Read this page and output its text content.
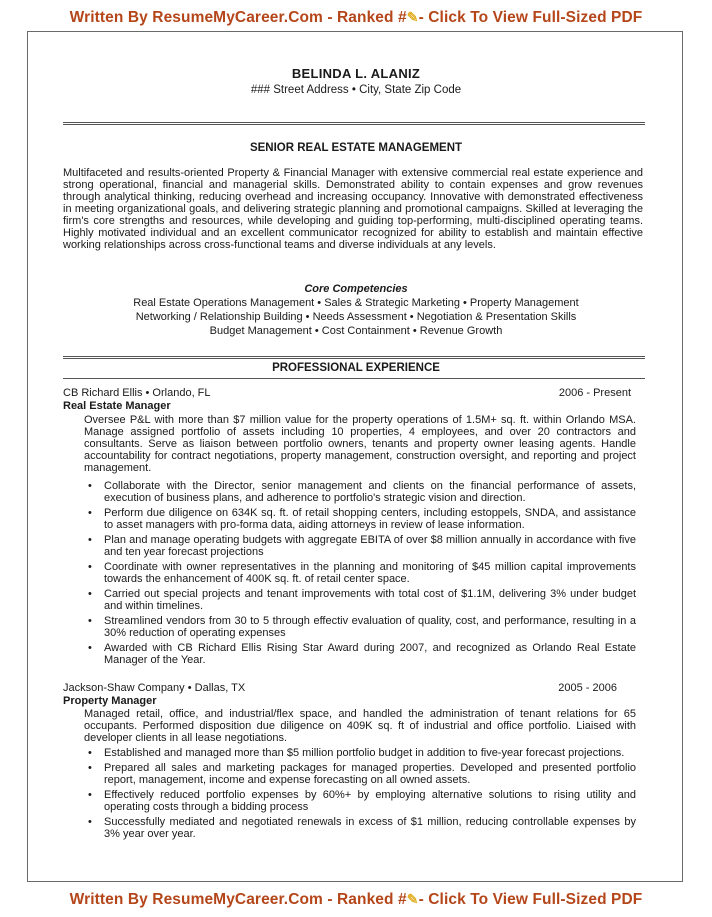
Written By ResumeMyCareer.Com - Ranked #✎- Click To View Full-Sized PDF
BELINDA L. ALANIZ
### Street Address • City, State Zip Code
SENIOR REAL ESTATE MANAGEMENT

Multifaceted and results-oriented Property & Financial Manager with extensive commercial real estate experience and strong operational, financial and managerial skills. Demonstrated ability to contain expenses and grow revenues through analytical thinking, reducing overhead and increasing occupancy. Innovative with demonstrated effectiveness in meeting organizational goals, and delivering strategic planning and promotional campaigns. Skilled at leveraging the firm's core strengths and resources, while developing and guiding top-performing, multi-disciplined operating teams. Highly motivated individual and an excellent communicator recognized for ability to establish and maintain effective working relationships across cross-functional teams and diverse individuals at any levels.

Core Competencies
Real Estate Operations Management • Sales & Strategic Marketing • Property Management
Networking / Relationship Building • Needs Assessment • Negotiation & Presentation Skills
Budget Management • Cost Containment • Revenue Growth
PROFESSIONAL EXPERIENCE
CB Richard Ellis • Orlando, FL	2006 - Present
Real Estate Manager

Oversee P&L with more than $7 million value for the property operations of 1.5M+ sq. ft. within Orlando MSA. Manage assigned portfolio of assets including 10 properties, 4 employees, and over 20 contractors and consultants. Serve as liaison between portfolio owners, tenants and property owner leasing agents. Handle accountability for contract negotiations, property management, construction oversight, and reporting and project management.

• Collaborate with the Director, senior management and clients on the financial performance of assets, execution of business plans, and adherence to portfolio's strategic vision and direction.
• Perform due diligence on 634K sq. ft. of retail shopping centers, including estoppels, SNDA, and assistance to asset managers with pro-forma data, aiding attorneys in review of lease information.
• Plan and manage operating budgets with aggregate EBITA of over $8 million annually in accordance with five and ten year forecast projections
• Coordinate with owner representatives in the planning and monitoring of $45 million capital improvements towards the enhancement of 400K sq. ft. of retail center space.
• Carried out special projects and tenant improvements with total cost of $1.1M, delivering 3% under budget and within timelines.
• Streamlined vendors from 30 to 5 through effectiv evaluation of quality, cost, and performance, resulting in a 30% reduction of operating expenses
• Awarded with CB Richard Ellis Rising Star Award during 2007, and recognized as Orlando Real Estate Manager of the Year.
Jackson-Shaw Company • Dallas, TX	2005 - 2006
Property Manager

Managed retail, office, and industrial/flex space, and handled the administration of tenant relations for 65 occupants. Performed disposition due diligence on 409K sq. ft of industrial and office portfolio. Liaised with developer clients in all lease negotiations.

• Established and managed more than $5 million portfolio budget in addition to five-year forecast projections.
• Prepared all sales and marketing packages for managed properties. Developed and presented portfolio report, management, income and expense forecasting on all owned assets.
• Effectively reduced portfolio expenses by 60%+ by employing alternative solutions to rising utility and operating costs through a bidding process
• Successfully mediated and negotiated renewals in excess of $1 million, reducing controllable expenses by 3% year over year.
Written By ResumeMyCareer.Com - Ranked #✎- Click To View Full-Sized PDF
